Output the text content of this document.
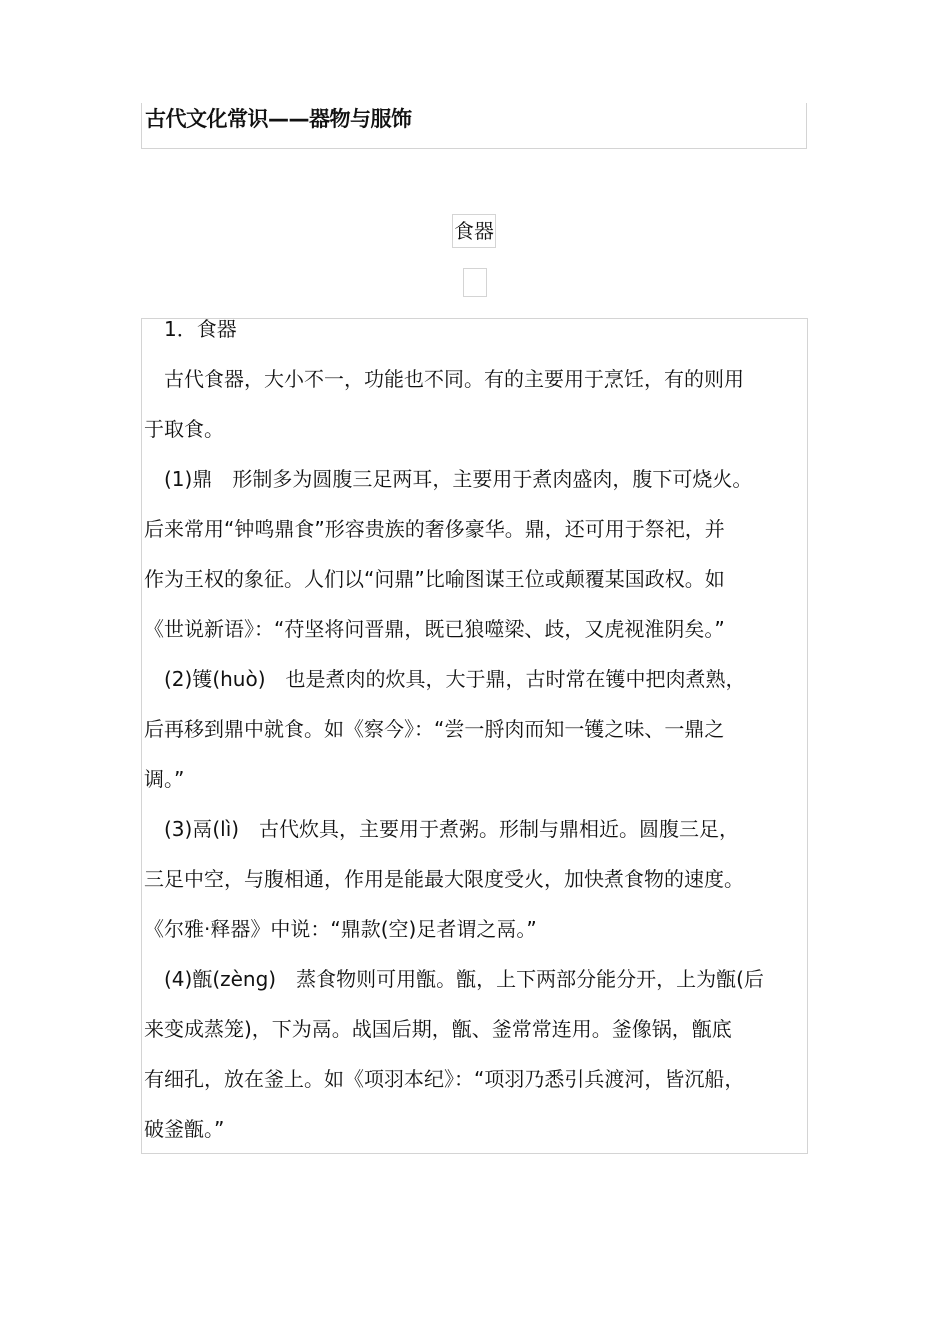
古代文化常识——器物与服饰
食器

1．食器

古代食器，大小不一，功能也不同。有的主要用于烹饪，有的则用

于取食。

(1)鼎　形制多为圆腹三足两耳，主要用于煮肉盛肉，腹下可烧火。

后来常用“钟鸣鼎食”形容贵族的奢侈豪华。鼎，还可用于祭祀，并

作为王权的象征。人们以“问鼎”比喻图谋王位或颠覆某国政权。如

《世说新语》：“苻坚将问晋鼎，既已狼噬梁、歧，又虎视淮阴矣。”

(2)镬(huò)　也是煮肉的炊具，大于鼎，古时常在镬中把肉煮熟，

后再移到鼎中就食。如《察今》：“尝一脟肉而知一镬之味、一鼎之

调。”

(3)鬲(lì)　古代炊具，主要用于煮粥。形制与鼎相近。圆腹三足，

三足中空，与腹相通，作用是能最大限度受火，加快煮食物的速度。

《尔雅·释器》中说：“鼎款(空)足者谓之鬲。”

(4)甑(zèng)　蒸食物则可用甑。甑，上下两部分能分开，上为甑(后

来变成蒸笼)，下为鬲。战国后期，甑、釜常常连用。釜像锅，甑底

有细孔，放在釜上。如《项羽本纪》：“项羽乃悉引兵渡河，皆沉船，

破釜甑。”
